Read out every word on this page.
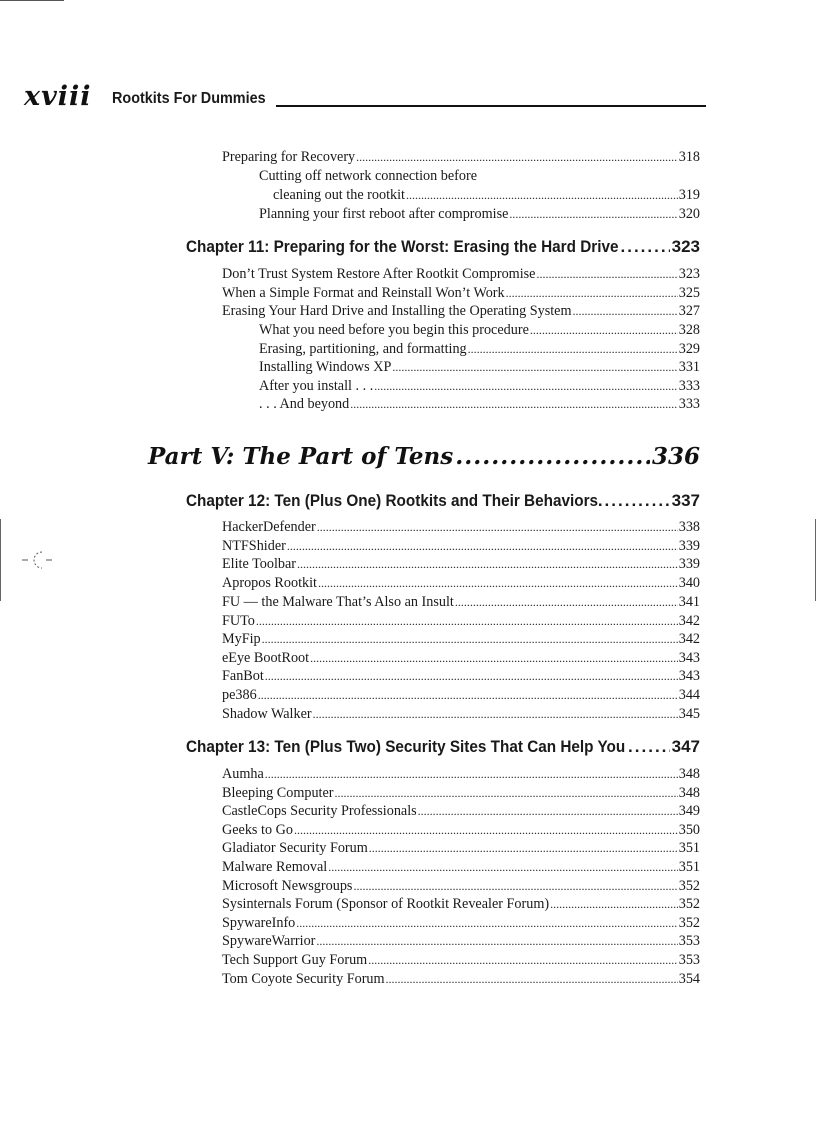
xviii Rootkits For Dummies
Preparing for Recovery .....	318
Cutting off network connection before
cleaning out the rootkit .....	319
Planning your first reboot after compromise .....	320
Chapter 11: Preparing for the Worst: Erasing the Hard Drive .....	323
Don’t Trust System Restore After Rootkit Compromise .....	323
When a Simple Format and Reinstall Won’t Work .....	325
Erasing Your Hard Drive and Installing the Operating System .....	327
What you need before you begin this procedure .....	328
Erasing, partitioning, and formatting .....	329
Installing Windows XP .....	331
After you install . . . .....	333
. . . And beyond .....	333
Part V: The Part of Tens .....	336
Chapter 12: Ten (Plus One) Rootkits and Their Behaviors .....	337
HackerDefender .....	338
NTFShider .....	339
Elite Toolbar .....	339
Apropos Rootkit .....	340
FU — the Malware That’s Also an Insult .....	341
FUTo .....	342
MyFip .....	342
eEye BootRoot .....	343
FanBot .....	343
pe386 .....	344
Shadow Walker .....	345
Chapter 13: Ten (Plus Two) Security Sites That Can Help You .....	347
Aumha .....	348
Bleeping Computer .....	348
CastleCops Security Professionals .....	349
Geeks to Go .....	350
Gladiator Security Forum .....	351
Malware Removal .....	351
Microsoft Newsgroups .....	352
Sysinternals Forum (Sponsor of Rootkit Revealer Forum) .....	352
SpywareInfo .....	352
SpywareWarrior .....	353
Tech Support Guy Forum .....	353
Tom Coyote Security Forum .....	354
